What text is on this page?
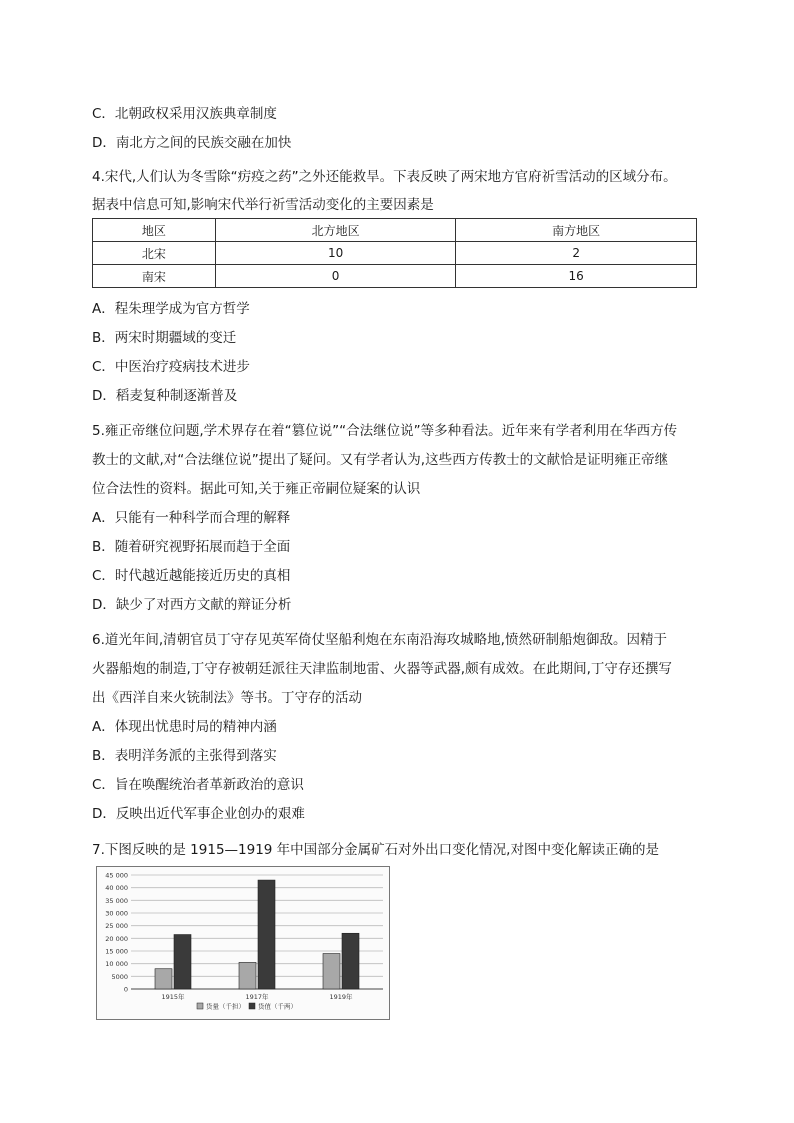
C．北朝政权采用汉族典章制度
D．南北方之间的民族交融在加快
4.宋代,人们认为冬雪除“疠疫之药”之外还能救旱。下表反映了两宋地方官府祈雪活动的区域分布。
据表中信息可知,影响宋代举行祈雪活动变化的主要因素是
地区	北方地区	南方地区
北宋	10	2
南宋	0	16
A．程朱理学成为官方哲学
B．两宋时期疆域的变迁
C．中医治疗疫病技术进步
D．稻麦复种制逐渐普及
5.雍正帝继位问题,学术界存在着“篡位说”“合法继位说”等多种看法。近年来有学者利用在华西方传
教士的文献,对“合法继位说”提出了疑问。又有学者认为,这些西方传教士的文献恰是证明雍正帝继
位合法性的资料。据此可知,关于雍正帝嗣位疑案的认识
A．只能有一种科学而合理的解释
B．随着研究视野拓展而趋于全面
C．时代越近越能接近历史的真相
D．缺少了对西方文献的辩证分析
6.道光年间,清朝官员丁守存见英军倚仗坚船利炮在东南沿海攻城略地,愤然研制船炮御敌。因精于
火器船炮的制造,丁守存被朝廷派往天津监制地雷、火器等武器,颇有成效。在此期间,丁守存还撰写
出《西洋自来火铳制法》等书。丁守存的活动
A．体现出忧患时局的精神内涵
B．表明洋务派的主张得到落实
C．旨在唤醒统治者革新政治的意识
D．反映出近代军事企业创办的艰难
7.下图反映的是 1915—1919 年中国部分金属矿石对外出口变化情况,对图中变化解读正确的是
0
5000
10 000
15 000
20 000
25 000
30 000
35 000
40 000
45 000
1915年	1917年	1919年
货量（千担） 货值（千两）
